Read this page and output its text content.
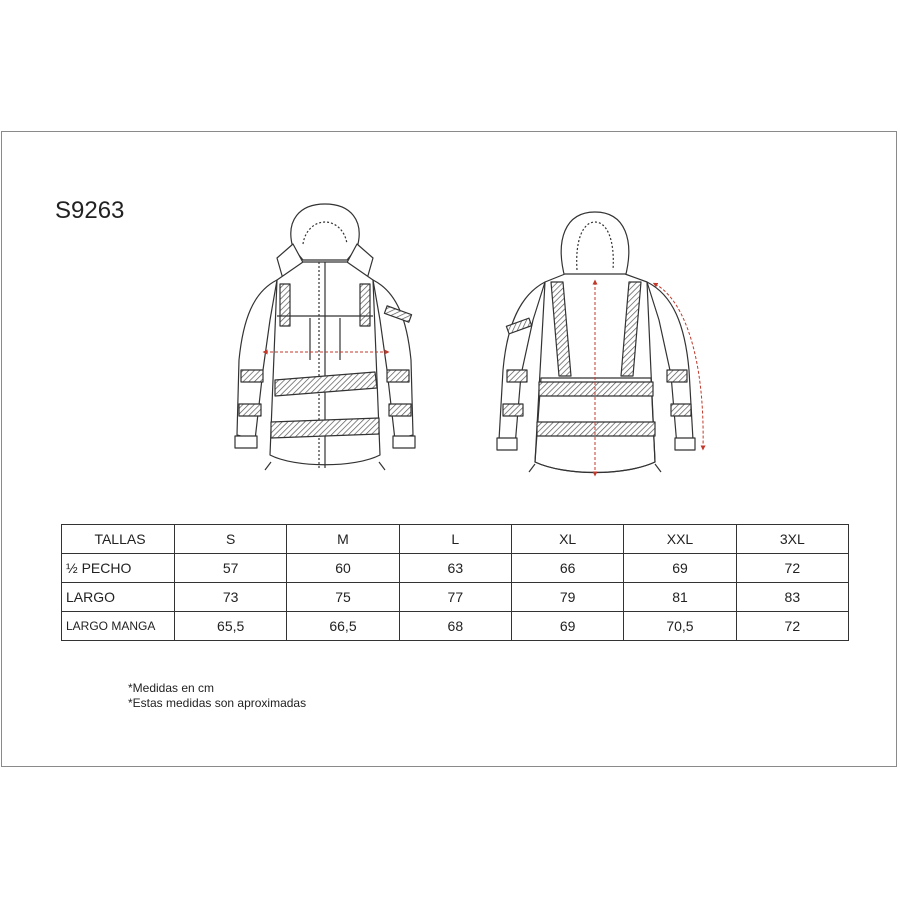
S9263
TALLAS	S	M	L	XL	XXL	3XL
½ PECHO	57	60	63	66	69	72
LARGO	73	75	77	79	81	83
LARGO MANGA	65,5	66,5	68	69	70,5	72
*Medidas en cm
*Estas medidas son aproximadas
